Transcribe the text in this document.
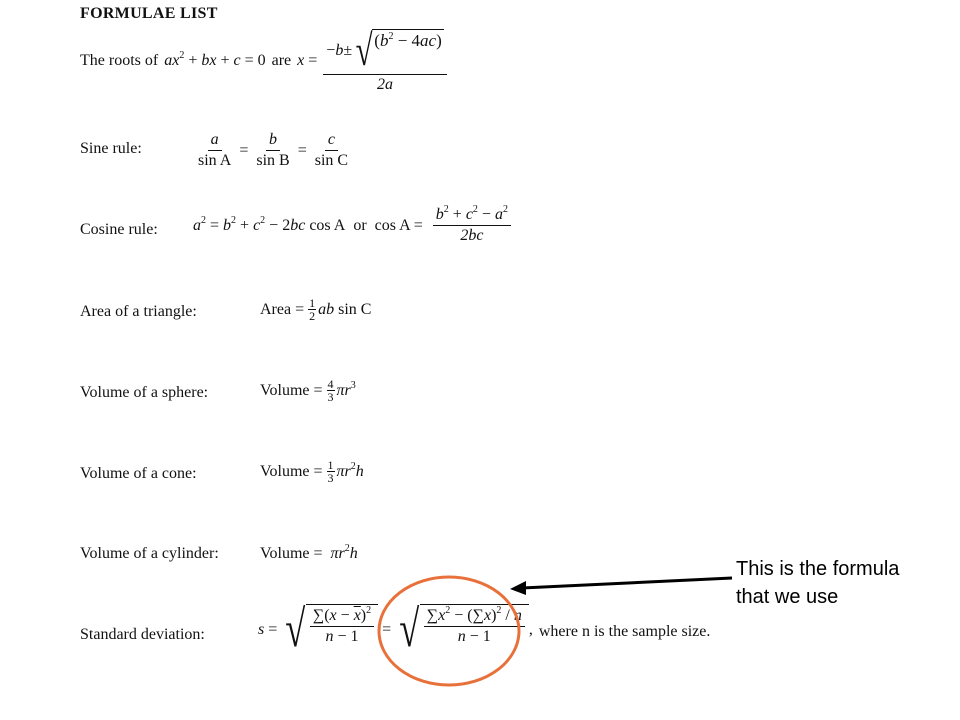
FORMULAE LIST
The roots of $ax^2$ + bx + c = 0 are $x = \frac{- b \pm √ (b^2 - 4ac)}{2a}$
Sine rule:	$\frac{a}{\text{sin A}} = \frac{b}{\text{sin B}} = \frac{c}{\text{sin C}}$
Cosine rule: $a^2 = b^2 + c^2 - 2bc$ cos A or $\cos A = \frac{b^2 + c^2 - a^2}{2bc}$
Area of a triangle:	Area = $\frac{1}{2}$ ab sin C
Volume of a sphere:	Volume = $\frac{4}{3} \pi r^3$
Volume of a cone:	Volume = $\frac{1}{3} \pi r^2h$
Volume of a cylinder:	Volume = $\pi r^2h$
Standard deviation:	s = √ $\frac{\sum(x - \overline{x})^2}{n - 1}$ = √ $\frac{\sum x^2 - (\sum x)^2 / n}{n - 1}$ , where n is the sample size.
This is the formula
that we use
